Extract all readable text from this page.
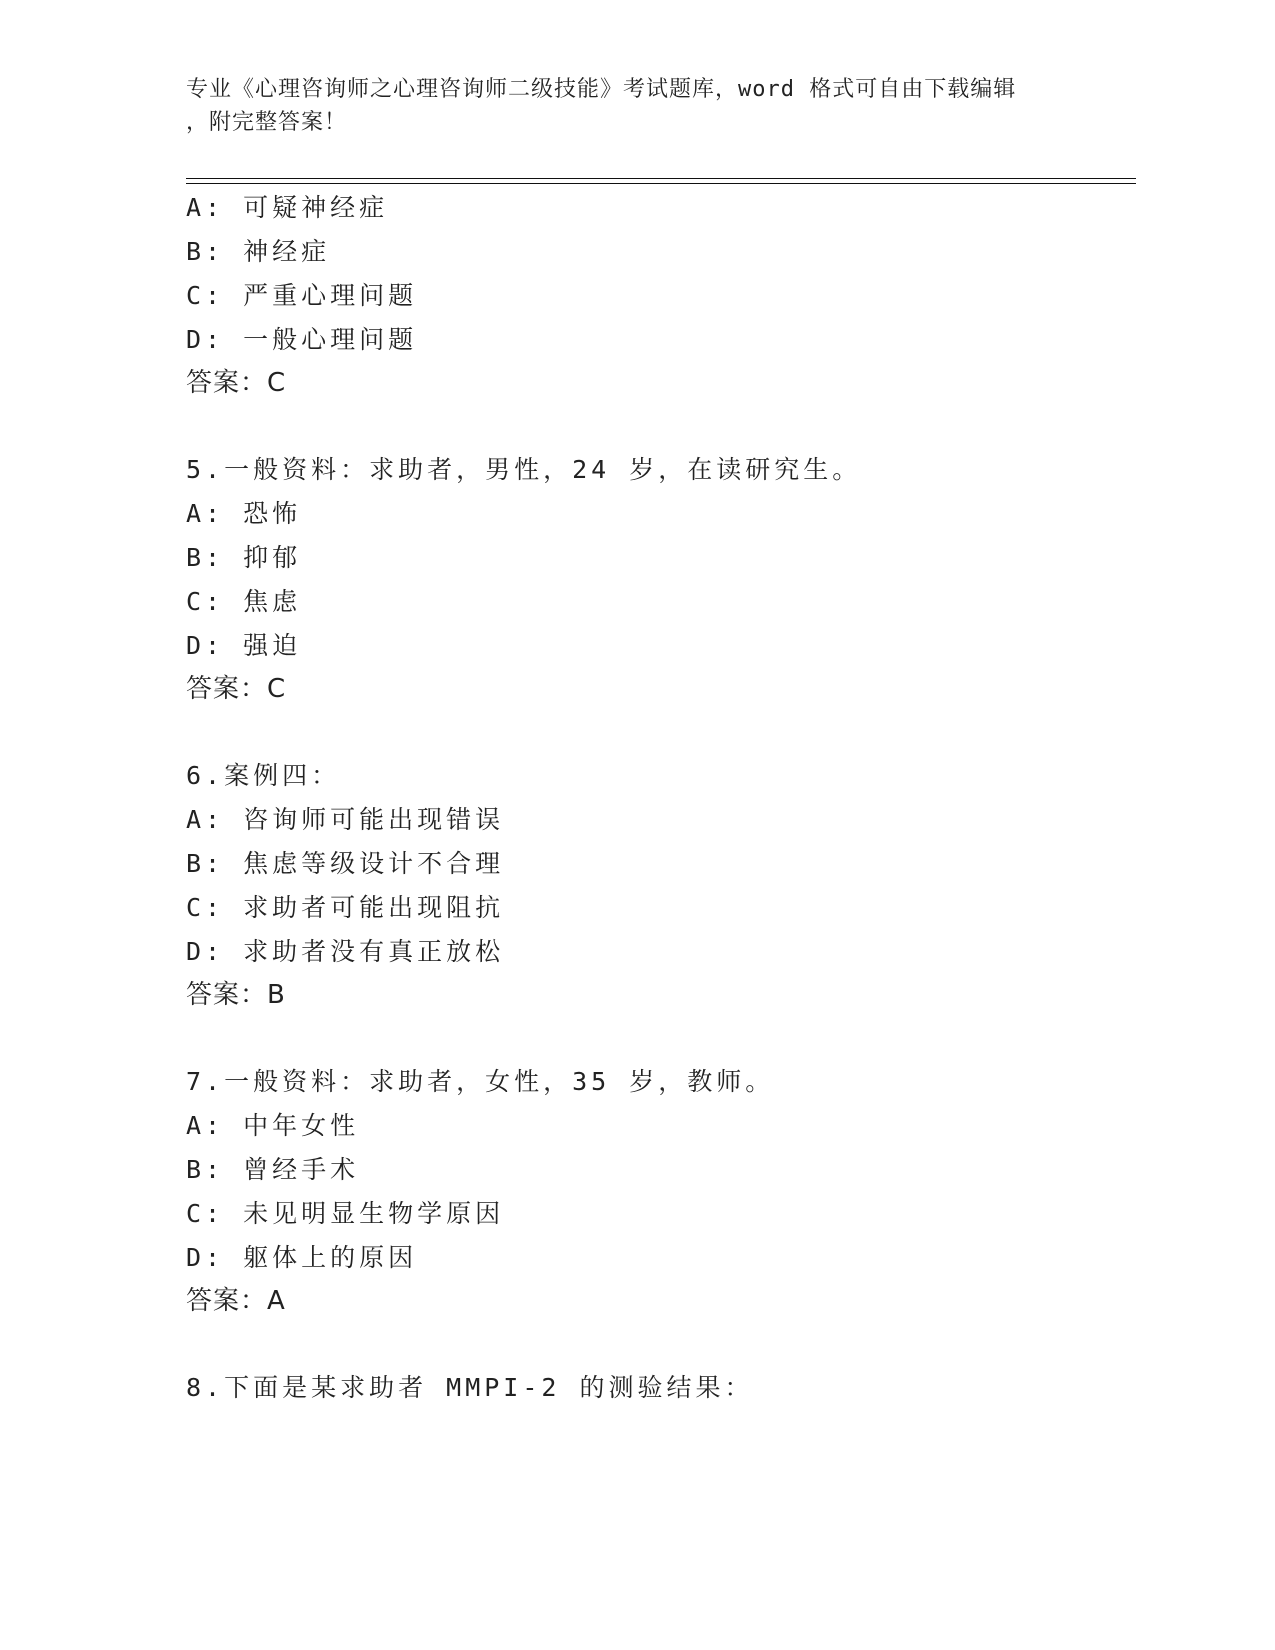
专业《心理咨询师之心理咨询师二级技能》考试题库，word 格式可自由下载编辑
，附完整答案！
A: 可疑神经症
B: 神经症
C: 严重心理问题
D: 一般心理问题
答案：C
5.一般资料：求助者，男性，24 岁，在读研究生。
A: 恐怖
B: 抑郁
C: 焦虑
D: 强迫
答案：C
6.案例四：
A: 咨询师可能出现错误
B: 焦虑等级设计不合理
C: 求助者可能出现阻抗
D: 求助者没有真正放松
答案：B
7.一般资料：求助者，女性，35 岁，教师。
A: 中年女性
B: 曾经手术
C: 未见明显生物学原因
D: 躯体上的原因
答案：A
8.下面是某求助者 MMPI-2 的测验结果：
